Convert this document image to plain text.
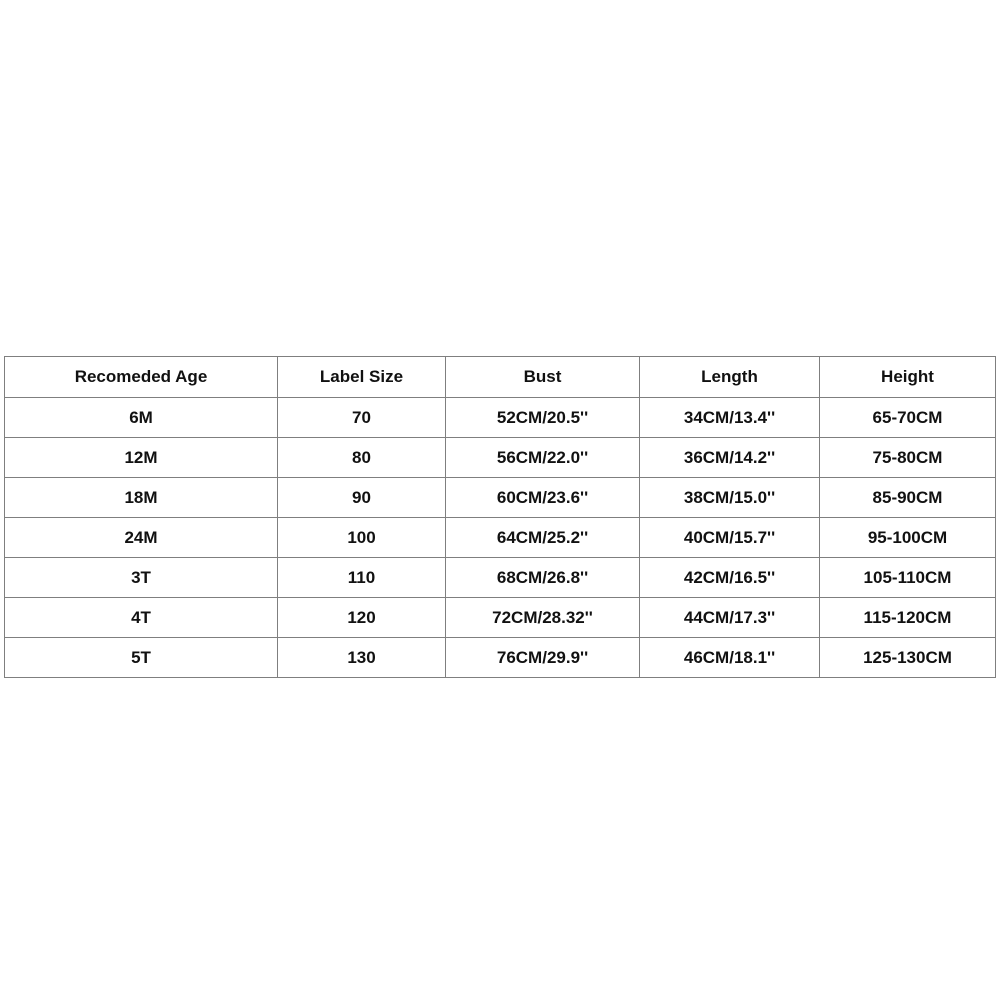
Recomeded Age	Label Size	Bust	Length	Height
6M	70	52CM/20.5''	34CM/13.4''	65-70CM
12M	80	56CM/22.0''	36CM/14.2''	75-80CM
18M	90	60CM/23.6''	38CM/15.0''	85-90CM
24M	100	64CM/25.2''	40CM/15.7''	95-100CM
3T	110	68CM/26.8''	42CM/16.5''	105-110CM
4T	120	72CM/28.32''	44CM/17.3''	115-120CM
5T	130	76CM/29.9''	46CM/18.1''	125-130CM
